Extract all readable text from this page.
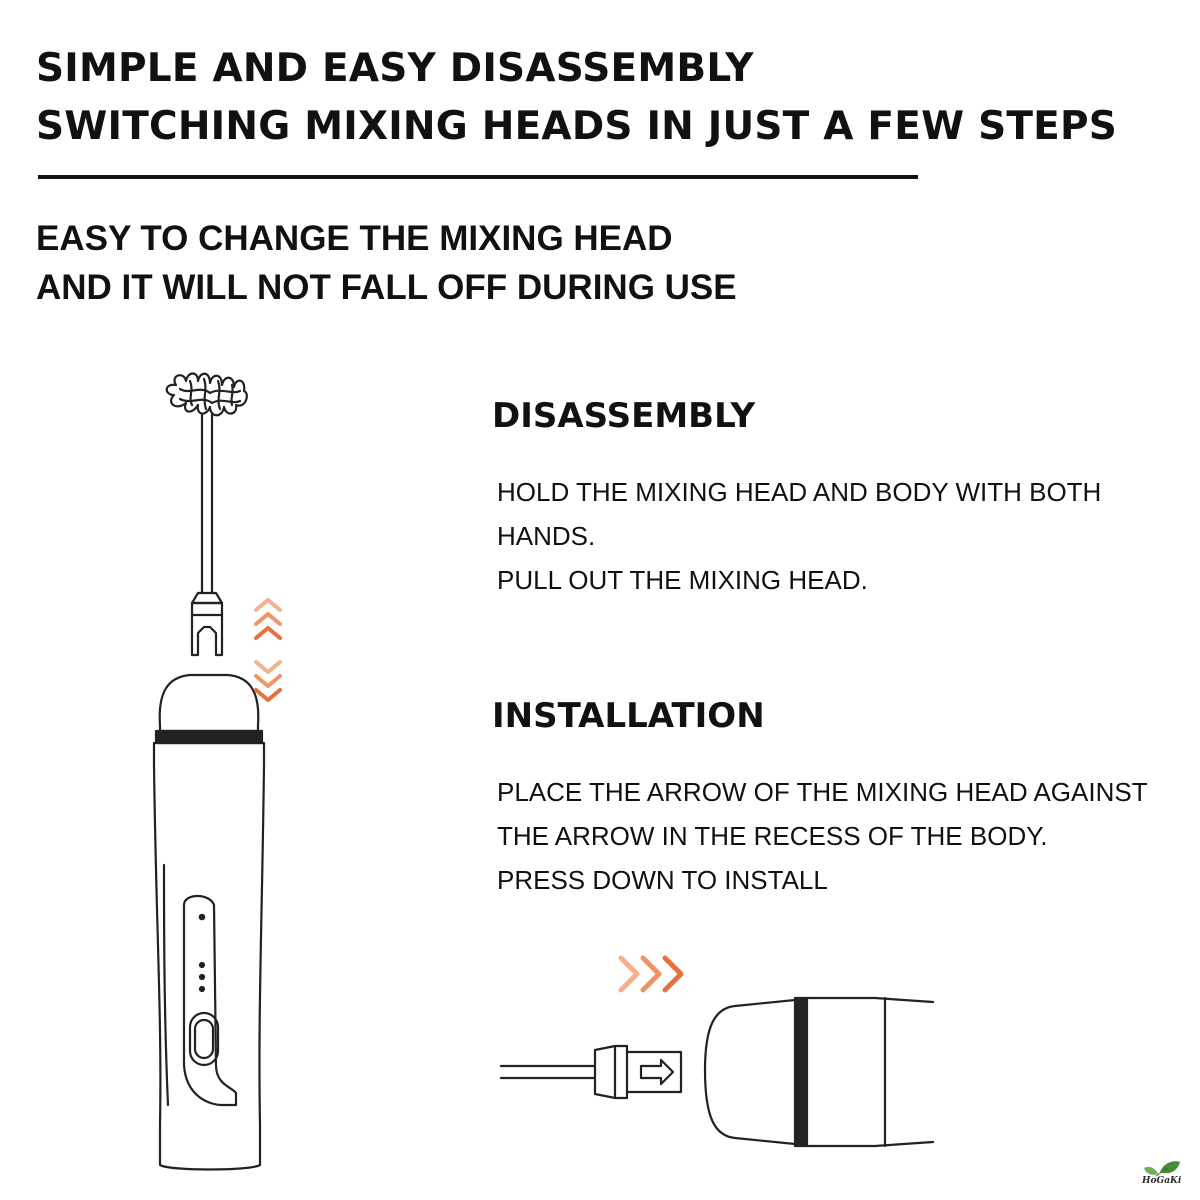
SIMPLE AND EASY DISASSEMBLY
SWITCHING MIXING HEADS IN JUST A FEW STEPS
EASY TO CHANGE THE MIXING HEAD
AND IT WILL NOT FALL OFF DURING USE
DISASSEMBLY
HOLD THE MIXING HEAD AND BODY WITH BOTH
HANDS.
PULL OUT THE MIXING HEAD.
INSTALLATION
PLACE THE ARROW OF THE MIXING HEAD AGAINST
THE ARROW IN THE RECESS OF THE BODY.
PRESS DOWN TO INSTALL
HoGaKi
